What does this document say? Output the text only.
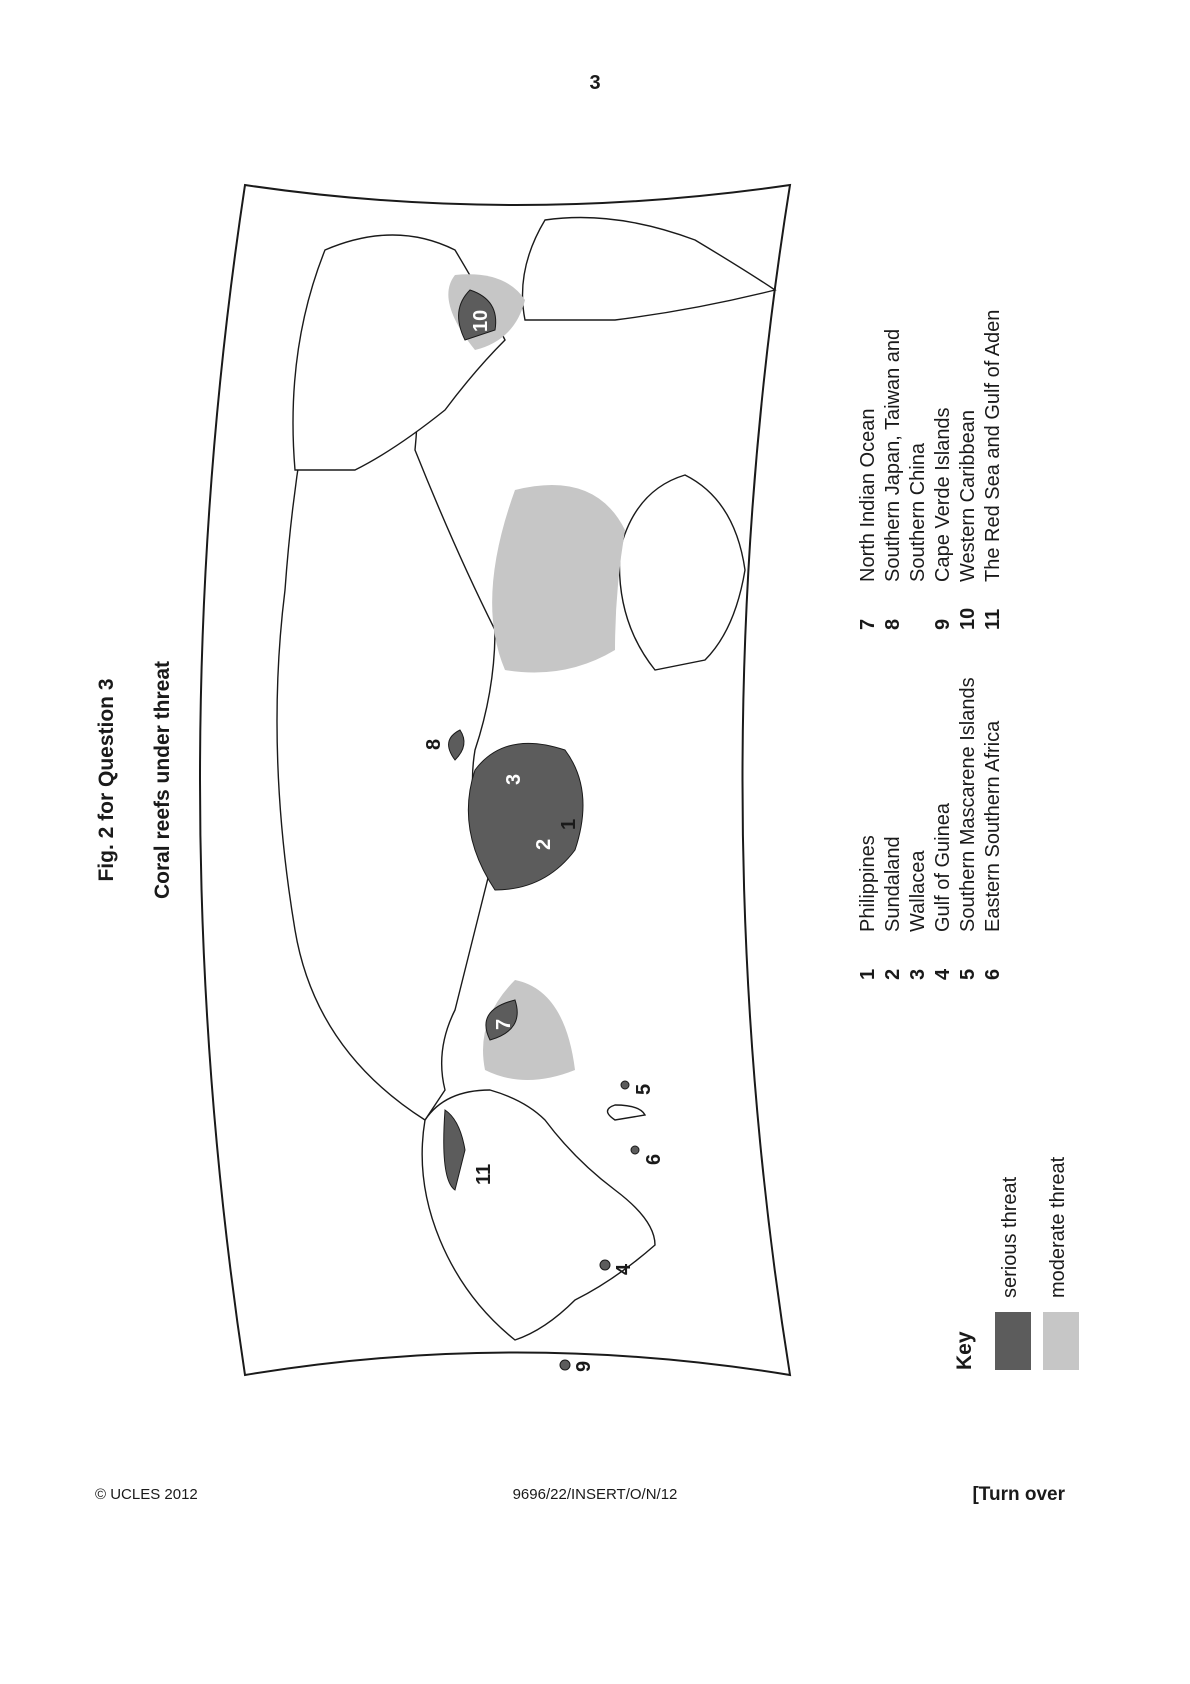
3
Fig. 2 for Question 3 Coral reefs under threat	1
2
3
4
5
6
7
8
9
10
11
Key
serious threat moderate threat
1
Philippines
2
Sundaland
3
Wallacea
4
Gulf of Guinea
5
Southern Mascarene Islands
6
Eastern Southern Africa
7
North Indian Ocean
8
Southern Japan, Taiwan and Southern China
9
Cape Verde Islands
10
Western Caribbean
11
The Red Sea and Gulf of Aden
© UCLES 2012	9696/22/INSERT/O/N/12	[Turn over
